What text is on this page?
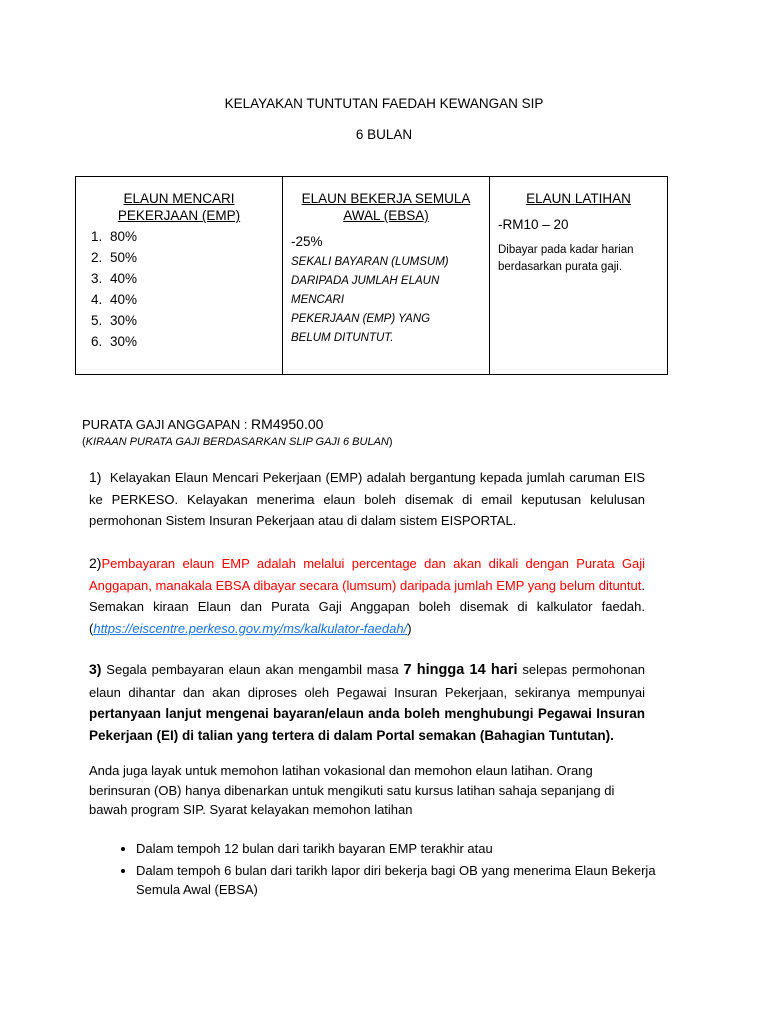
KELAYAKAN TUNTUTAN FAEDAH KEWANGAN SIP
6 BULAN
ELAUN MENCARI PEKERJAAN (EMP)
1. 80%
2. 50%
3. 40%
4. 40%
5. 30%
6. 30%

ELAUN BEKERJA SEMULA AWAL (EBSA)
-25%
SEKALI BAYARAN (LUMSUM)
DARIPADA JUMLAH ELAUN MENCARI
PEKERJAAN (EMP) YANG
BELUM DITUNTUT.

ELAUN LATIHAN
-RM10 – 20
Dibayar pada kadar harian berdasarkan purata gaji.
PURATA GAJI ANGGAPAN : RM4950.00
(KIRAAN PURATA GAJI BERDASARKAN SLIP GAJI 6 BULAN)
1) Kelayakan Elaun Mencari Pekerjaan (EMP) adalah bergantung kepada jumlah caruman EIS ke PERKESO. Kelayakan menerima elaun boleh disemak di email keputusan kelulusan permohonan Sistem Insuran Pekerjaan atau di dalam sistem EISPORTAL.
2)Pembayaran elaun EMP adalah melalui percentage dan akan dikali dengan Purata Gaji Anggapan, manakala EBSA dibayar secara (lumsum) daripada jumlah EMP yang belum dituntut. Semakan kiraan Elaun dan Purata Gaji Anggapan boleh disemak di kalkulator faedah. (https://eiscentre.perkeso.gov.my/ms/kalkulator-faedah/)
3) Segala pembayaran elaun akan mengambil masa 7 hingga 14 hari selepas permohonan elaun dihantar dan akan diproses oleh Pegawai Insuran Pekerjaan, sekiranya mempunyai pertanyaan lanjut mengenai bayaran/elaun anda boleh menghubungi Pegawai Insuran Pekerjaan (EI) di talian yang tertera di dalam Portal semakan (Bahagian Tuntutan).
Anda juga layak untuk memohon latihan vokasional dan memohon elaun latihan. Orang berinsuran (OB) hanya dibenarkan untuk mengikuti satu kursus latihan sahaja sepanjang di bawah program SIP. Syarat kelayakan memohon latihan
• Dalam tempoh 12 bulan dari tarikh bayaran EMP terakhir atau
• Dalam tempoh 6 bulan dari tarikh lapor diri bekerja bagi OB yang menerima Elaun Bekerja Semula Awal (EBSA)
